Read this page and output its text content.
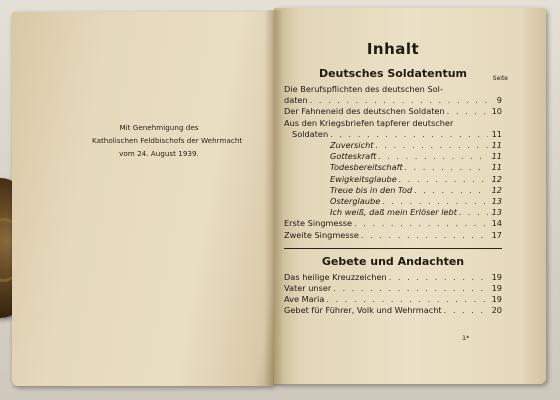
Mit Genehmigung des
Katholischen Feldbischofs der Wehrmacht
vom 24. August 1939.
Inhalt
Deutsches Soldatentum	Seite
Die Berufspflichten des deutschen Sol-
daten . . .	9
Der Fahneneid des deutschen Soldaten . . .	10
Aus den Kriegsbriefen tapferer deutscher
Soldaten . . .	11
Zuversicht . . .	11
Gotteskraft . . .	11
Todesbereitschaft . . .	11
Ewigkeitsglaube . . .	12
Treue bis in den Tod . . .	12
Osterglaube . . .	13
Ich weiß, daß mein Erlöser lebt . . .	13
Erste Singmesse . . .	14
Zweite Singmesse . . .	17
Gebete und Andachten
Das heilige Kreuzzeichen . . .	19
Vater unser . . .	19
Ave Maria . . .	19
Gebet für Führer, Volk und Wehrmacht . . .	20
1*
